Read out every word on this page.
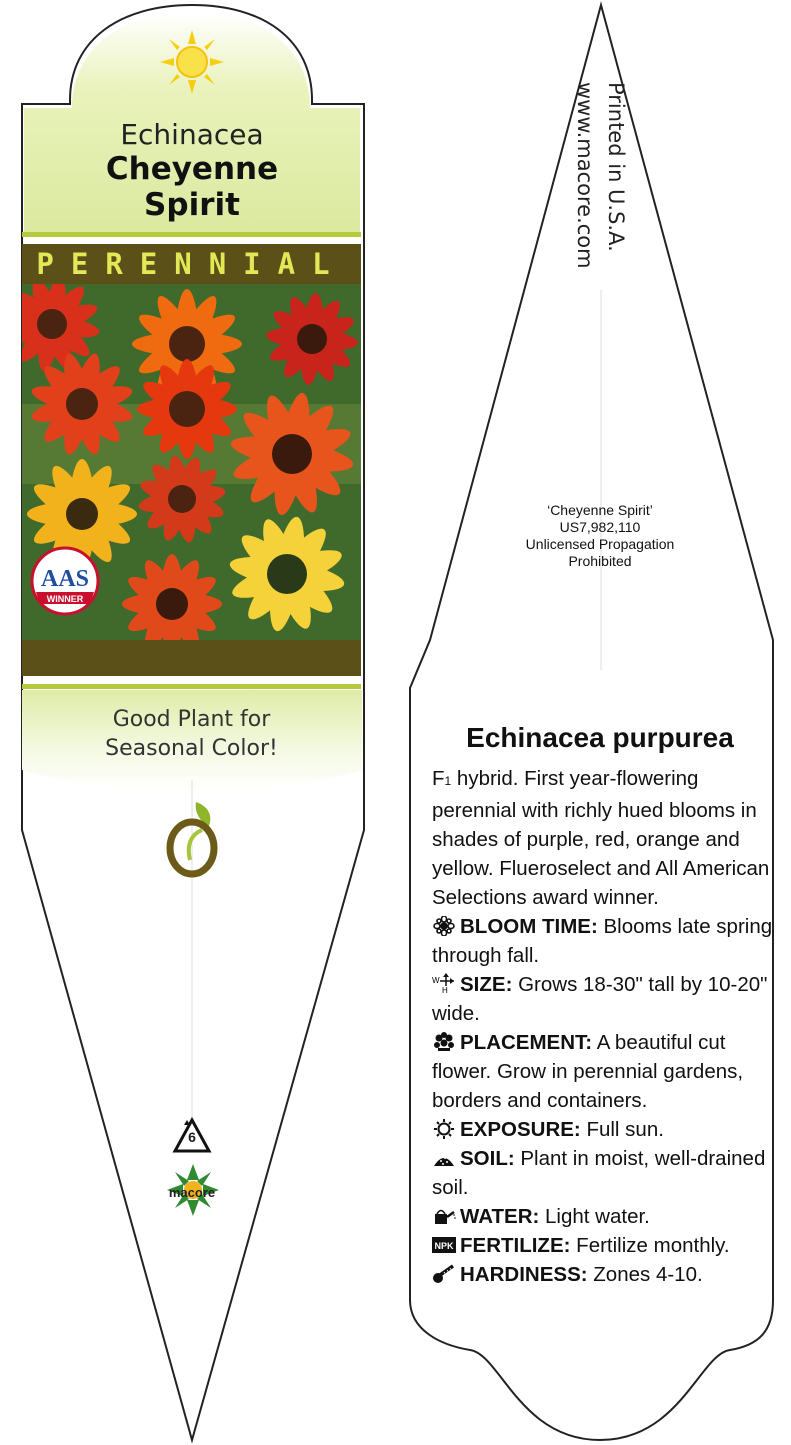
Echinacea
Cheyenne
Spirit
PERENNIAL
AAS
WINNER
Good Plant for
Seasonal Color!
6
macore
Printed in U.S.A.
www.macore.com
‘Cheyenne Spirit’
US7,982,110
Unlicensed Propagation
Prohibited
Echinacea purpurea

F1 hybrid. First year-flowering perennial with richly hued blooms in shades of purple, red, orange and yellow. Flueroselect and All American Selections award winner.

BLOOM TIME: Blooms late spring through fall.

W
H SIZE: Grows 18-30" tall by 10-20" wide.

PLACEMENT: A beautiful cut flower. Grow in perennial gardens, borders and containers.

EXPOSURE: Full sun.

SOIL: Plant in moist, well-drained soil.

WATER: Light water.

NPK FERTILIZE: Fertilize monthly.

HARDINESS: Zones 4-10.
